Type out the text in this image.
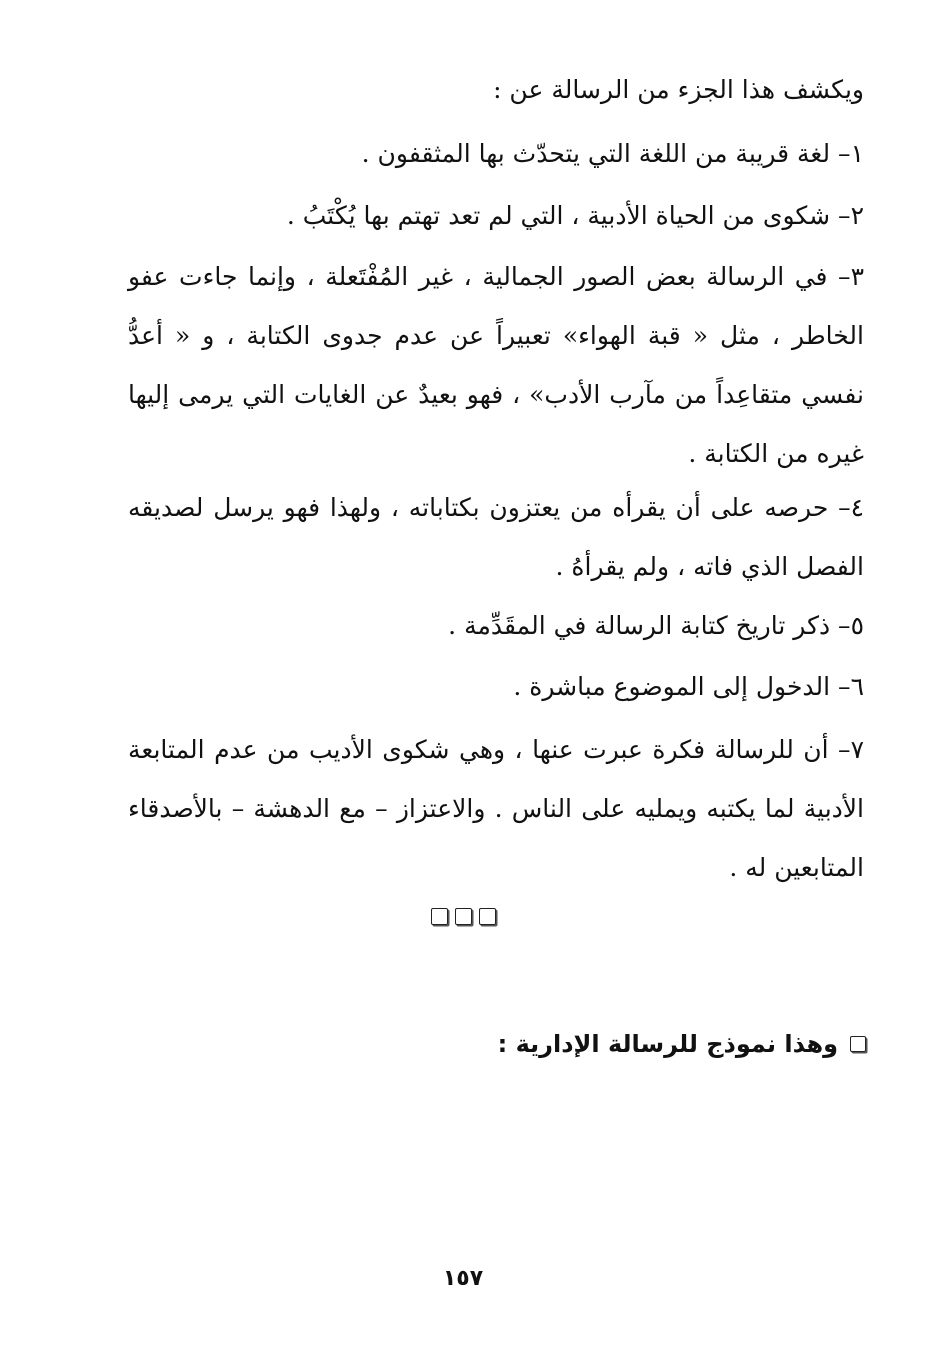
ويكشف هذا الجزء من الرسالة عن :

١– لغة قريبة من اللغة التي يتحدّث بها المثقفون .

٢– شكوى من الحياة الأدبية ، التي لم تعد تهتم بها يُكْتَبُ .

٣– في الرسالة بعض الصور الجمالية ، غير المُفْتَعلة ، وإنما جاءت عفو الخاطر ، مثل « قبة الهواء» تعبيراً عن عدم جدوى الكتابة ، و « أعدُّ نفسي متقاعِداً من مآرب الأدب» ، فهو بعيدٌ عن الغايات التي يرمى إليها غيره من الكتابة .

٤– حرصه على أن يقرأه من يعتزون بكتاباته ، ولهذا فهو يرسل لصديقه الفصل الذي فاته ، ولم يقرأهُ .

٥– ذكر تاريخ كتابة الرسالة في المقَدِّمة .

٦– الدخول إلى الموضوع مباشرة .

٧– أن للرسالة فكرة عبرت عنها ، وهي شكوى الأديب من عدم المتابعة الأدبية لما يكتبه ويمليه على الناس . والاعتزاز – مع الدهشة – بالأصدقاء المتابعين له .

وهذا نموذج للرسالة الإدارية :
١٥٧
